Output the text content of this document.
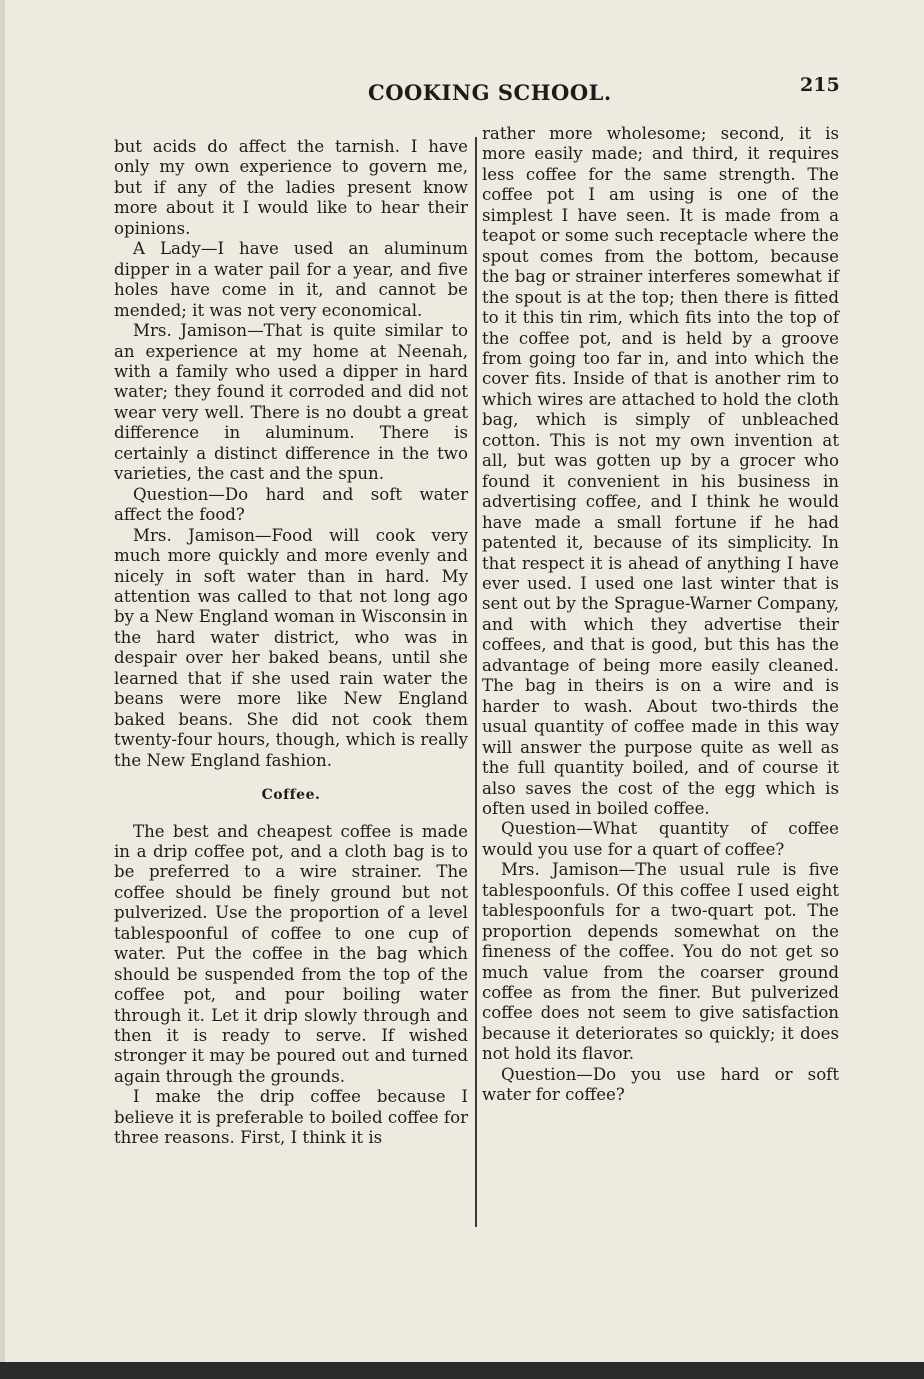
COOKING SCHOOL.	215

but acids do affect the tarnish. I have only my own experience to govern me, but if any of the ladies present know more about it I would like to hear their opinions.

A Lady—I have used an aluminum dipper in a water pail for a year, and five holes have come in it, and cannot be mended; it was not very economical.

Mrs. Jamison—That is quite similar to an experience at my home at Neenah, with a family who used a dipper in hard water; they found it corroded and did not wear very well. There is no doubt a great difference in aluminum. There is certainly a distinct difference in the two varieties, the cast and the spun.

Question—Do hard and soft water affect the food?

Mrs. Jamison—Food will cook very much more quickly and more evenly and nicely in soft water than in hard. My attention was called to that not long ago by a New England woman in Wisconsin in the hard water district, who was in despair over her baked beans, until she learned that if she used rain water the beans were more like New England baked beans. She did not cook them twenty-four hours, though, which is really the New England fashion.

Coffee.

The best and cheapest coffee is made in a drip coffee pot, and a cloth bag is to be preferred to a wire strainer. The coffee should be finely ground but not pulverized. Use the proportion of a level tablespoonful of coffee to one cup of water. Put the coffee in the bag which should be suspended from the top of the coffee pot, and pour boiling water through it. Let it drip slowly through and then it is ready to serve. If wished stronger it may be poured out and turned again through the grounds.

I make the drip coffee because I believe it is preferable to boiled coffee for three reasons. First, I think it is

rather more wholesome; second, it is more easily made; and third, it requires less coffee for the same strength. The coffee pot I am using is one of the simplest I have seen. It is made from a teapot or some such receptacle where the spout comes from the bottom, because the bag or strainer interferes somewhat if the spout is at the top; then there is fitted to it this tin rim, which fits into the top of the coffee pot, and is held by a groove from going too far in, and into which the cover fits. Inside of that is another rim to which wires are attached to hold the cloth bag, which is simply of unbleached cotton. This is not my own invention at all, but was gotten up by a grocer who found it convenient in his business in advertising coffee, and I think he would have made a small fortune if he had patented it, because of its simplicity. In that respect it is ahead of anything I have ever used. I used one last winter that is sent out by the Sprague-Warner Company, and with which they advertise their coffees, and that is good, but this has the advantage of being more easily cleaned. The bag in theirs is on a wire and is harder to wash. About two-thirds the usual quantity of coffee made in this way will answer the purpose quite as well as the full quantity boiled, and of course it also saves the cost of the egg which is often used in boiled coffee.

Question—What quantity of coffee would you use for a quart of coffee?

Mrs. Jamison—The usual rule is five tablespoonfuls. Of this coffee I used eight tablespoonfuls for a two-quart pot. The proportion depends somewhat on the fineness of the coffee. You do not get so much value from the coarser ground coffee as from the finer. But pulverized coffee does not seem to give satisfaction because it deteriorates so quickly; it does not hold its flavor.

Question—Do you use hard or soft water for coffee?
